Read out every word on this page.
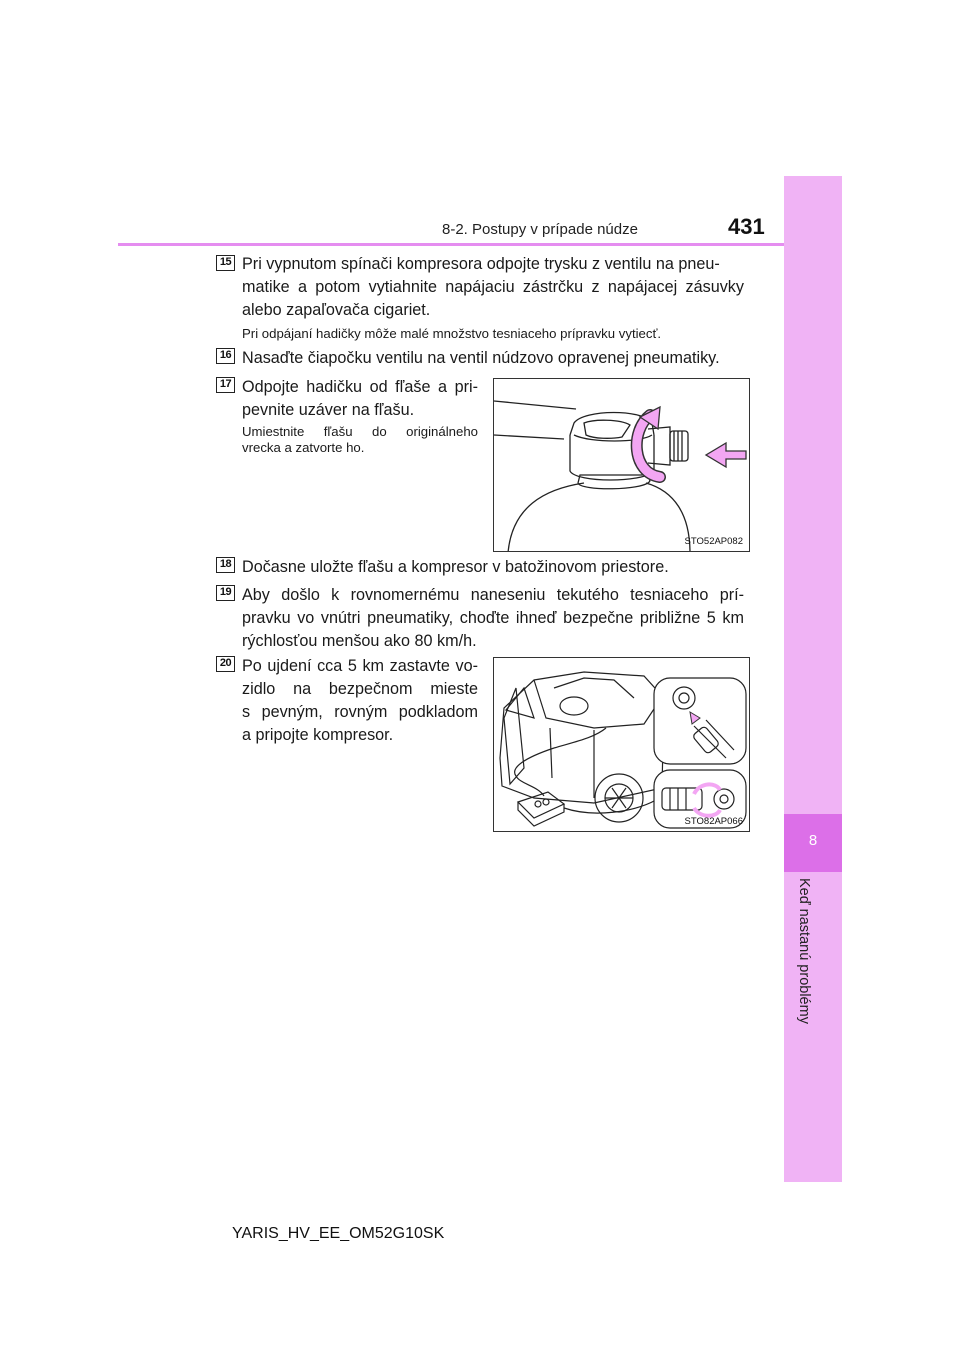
8
Keď nastanú problémy
8-2. Postupy v prípade núdze	431
15 Pri vypnutom spínači kompresora odpojte trysku z ventilu na pneu-
matike a potom vytiahnite napájaciu zástrčku z napájacej zásuvky
alebo zapaľovača cigariet.
Pri odpájaní hadičky môže malé množstvo tesniaceho prípravku vytiecť.
16 Nasaďte čiapočku ventilu na ventil núdzovo opravenej pneumatiky.
17 Odpojte hadičku od fľaše a pri-
pevnite uzáver na fľašu.
Umiestnite fľašu do originálneho
vrecka a zatvorte ho.
STO52AP082
18 Dočasne uložte fľašu a kompresor v batožinovom priestore.
19 Aby došlo k rovnomernému naneseniu tekutého tesniaceho prí-
pravku vo vnútri pneumatiky, choďte ihneď bezpečne približne 5 km
rýchlosťou menšou ako 80 km/h.
20 Po ujdení cca 5 km zastavte vo-
zidlo na bezpečnom mieste
s pevným, rovným podkladom
a pripojte kompresor.
STO82AP066
YARIS_HV_EE_OM52G10SK
